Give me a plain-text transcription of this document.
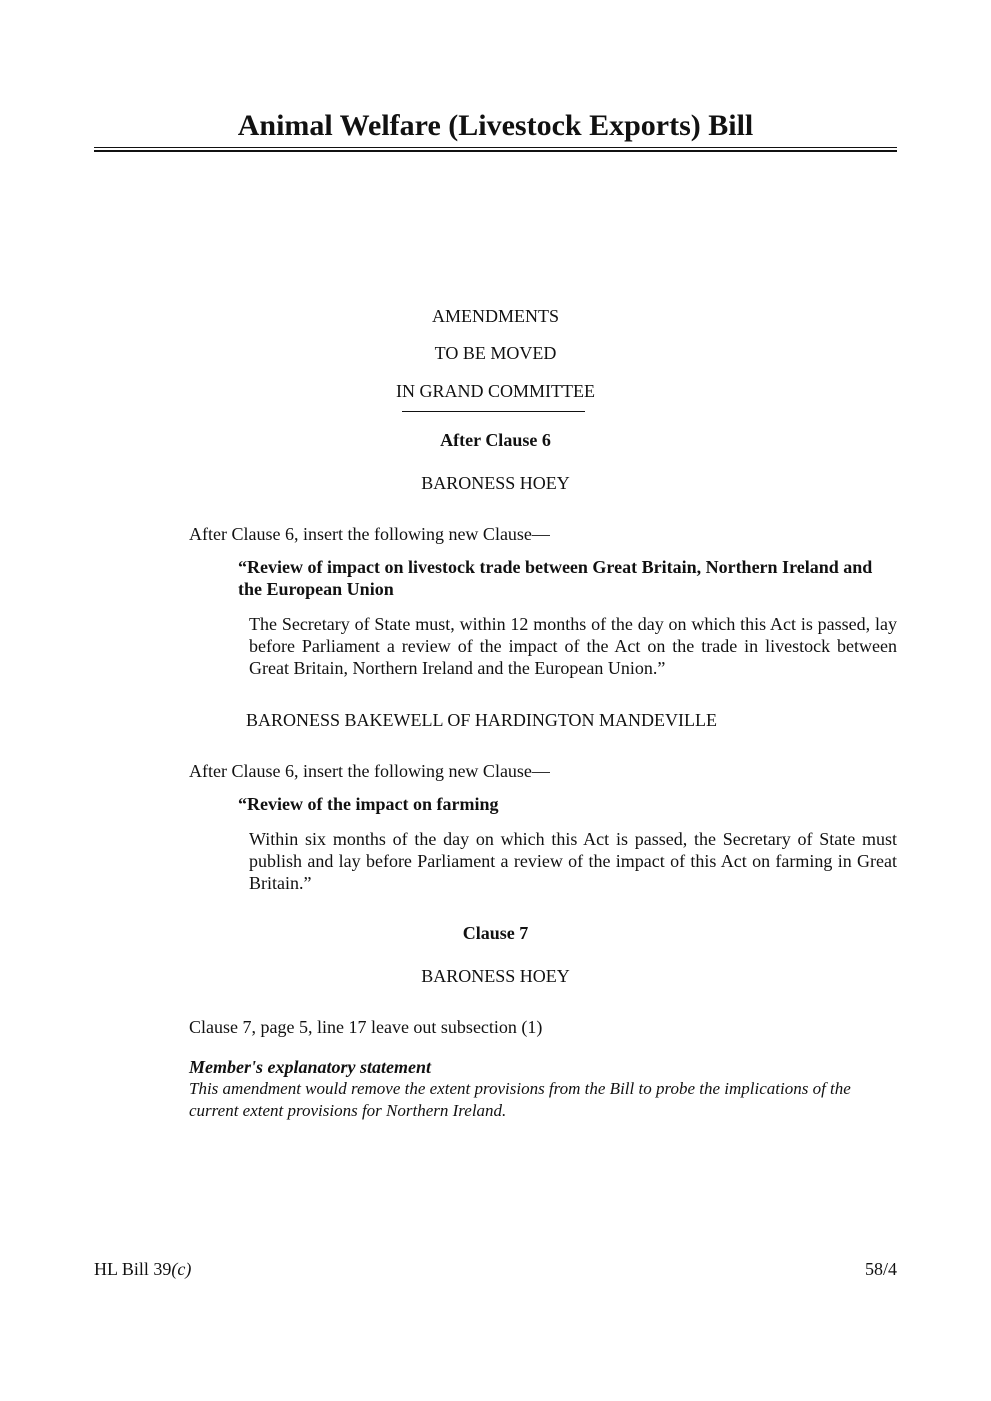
Animal Welfare (Livestock Exports) Bill
AMENDMENTS
TO BE MOVED
IN GRAND COMMITTEE
After Clause 6
BARONESS HOEY
After Clause 6, insert the following new Clause—
“Review of impact on livestock trade between Great Britain, Northern Ireland and the European Union
The Secretary of State must, within 12 months of the day on which this Act is passed, lay before Parliament a review of the impact of the Act on the trade in livestock between Great Britain, Northern Ireland and the European Union.”
BARONESS BAKEWELL OF HARDINGTON MANDEVILLE
After Clause 6, insert the following new Clause—
“Review of the impact on farming
Within six months of the day on which this Act is passed, the Secretary of State must publish and lay before Parliament a review of the impact of this Act on farming in Great Britain.”
Clause 7
BARONESS HOEY
Clause 7, page 5, line 17 leave out subsection (1)
Member's explanatory statement
This amendment would remove the extent provisions from the Bill to probe the implications of the current extent provisions for Northern Ireland.
HL Bill 39(c)	58/4
